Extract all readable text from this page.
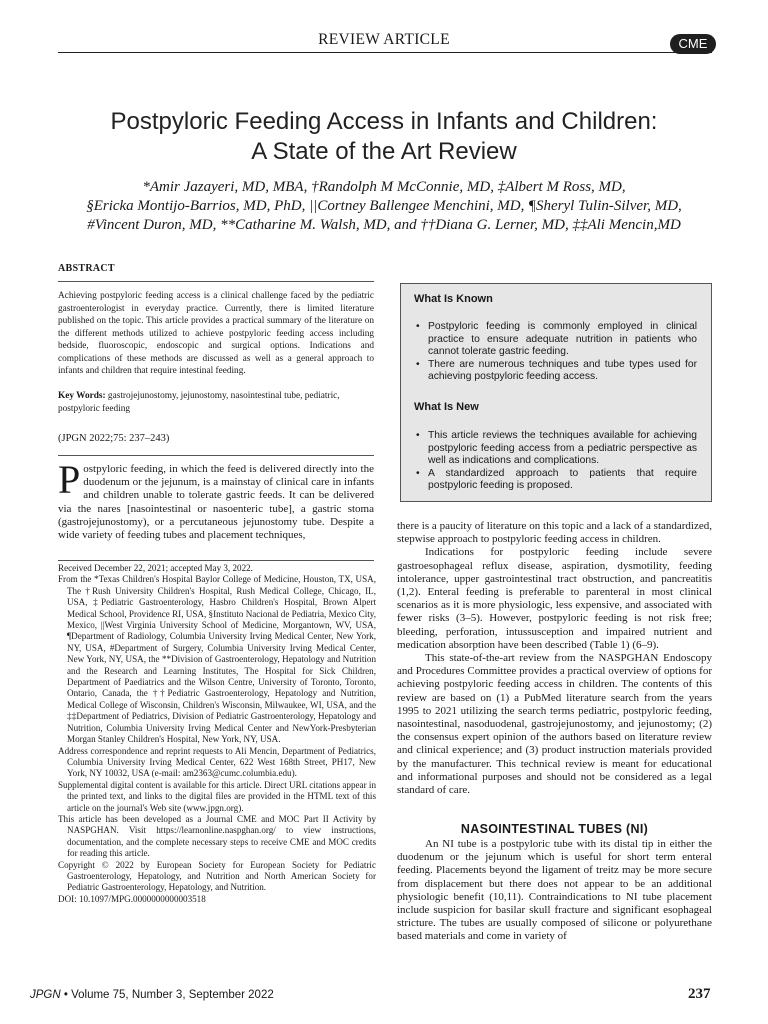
REVIEW ARTICLE	CME
Postpyloric Feeding Access in Infants and Children:
A State of the Art Review
*Amir Jazayeri, MD, MBA, †Randolph M McConnie, MD, ‡Albert M Ross, MD,
§Ericka Montijo-Barrios, MD, PhD, ||Cortney Ballengee Menchini, MD, ¶Sheryl Tulin-Silver, MD,
#Vincent Duron, MD, **Catharine M. Walsh, MD, and ††Diana G. Lerner, MD, ‡‡Ali Mencin,MD
ABSTRACT
Achieving postpyloric feeding access is a clinical challenge faced by the pediatric gastroenterologist in everyday practice. Currently, there is limited literature published on the topic. This article provides a practical summary of the literature on the different methods utilized to achieve postpyloric feeding access including bedside, fluoroscopic, endoscopic and surgical options. Indications and complications of these methods are discussed as well as a general approach to infants and children that require intestinal feeding.
Key Words: gastrojejunostomy, jejunostomy, nasointestinal tube, pediatric, postpyloric feeding
(JPGN 2022;75: 237–243)
Postpyloric feeding, in which the feed is delivered directly into the duodenum or the jejunum, is a mainstay of clinical care in infants and children unable to tolerate gastric feeds. It can be delivered via the nares [nasointestinal or nasoenteric tube], a gastric stoma (gastrojejunostomy), or a percutaneous jejunostomy tube. Despite a wide variety of feeding tubes and placement techniques,

Received December 22, 2021; accepted May 3, 2022.

From the *Texas Children's Hospital Baylor College of Medicine, Houston, TX, USA, The †Rush University Children's Hospital, Rush Medical College, Chicago, IL, USA, ‡Pediatric Gastroenterology, Hasbro Children's Hospital, Brown Alpert Medical School, Providence RI, USA, §Instituto Nacional de Pediatria, Mexico City, Mexico, ||West Virginia University School of Medicine, Morgantown, WV, USA, ¶Department of Radiology, Columbia University Irving Medical Center, New York, NY, USA, #Department of Surgery, Columbia University Irving Medical Center, New York, NY, USA, the **Division of Gastroenterology, Hepatology and Nutrition and the Research and Learning Institutes, The Hospital for Sick Children, Department of Paediatrics and the Wilson Centre, University of Toronto, Toronto, Ontario, Canada, the ††Pediatric Gastroenterology, Hepatology and Nutrition, Medical College of Wisconsin, Children's Wisconsin, Milwaukee, WI, USA, and the ‡‡Department of Pediatrics, Division of Pediatric Gastroenterology, Hepatology and Nutrition, Columbia University Irving Medical Center and NewYork-Presbyterian Morgan Stanley Children's Hospital, New York, NY, USA.

Address correspondence and reprint requests to Ali Mencin, Department of Pediatrics, Columbia University Irving Medical Center, 622 West 168th Street, PH17, New York, NY 10032, USA (e-mail: am2363@cumc.columbia.edu).

Supplemental digital content is available for this article. Direct URL citations appear in the printed text, and links to the digital files are provided in the HTML text of this article on the journal's Web site (www.jpgn.org).

This article has been developed as a Journal CME and MOC Part II Activity by NASPGHAN. Visit https://learnonline.naspghan.org/ to view instructions, documentation, and the complete necessary steps to receive CME and MOC credits for reading this article.

Copyright © 2022 by European Society for European Society for Pediatric Gastroenterology, Hepatology, and Nutrition and North American Society for Pediatric Gastroenterology, Hepatology, and Nutrition.

DOI: 10.1097/MPG.0000000000003518

What Is Known
• Postpyloric feeding is commonly employed in clinical practice to ensure adequate nutrition in patients who cannot tolerate gastric feeding.
• There are numerous techniques and tube types used for achieving postpyloric feeding access.
What Is New
• This article reviews the techniques available for achieving postpyloric feeding access from a pediatric perspective as well as indications and complications.
• A standardized approach to patients that require postpyloric feeding is proposed.

there is a paucity of literature on this topic and a lack of a standardized, stepwise approach to postpyloric feeding access in children.

Indications for postpyloric feeding include severe gastroesophageal reflux disease, aspiration, dysmotility, feeding intolerance, upper gastrointestinal tract obstruction, and pancreatitis (1,2). Enteral feeding is preferable to parenteral in most clinical scenarios as it is more physiologic, less expensive, and associated with fewer risks (3–5). However, postpyloric feeding is not risk free; bleeding, perforation, intussusception and impaired nutrient and medication absorption have been described (Table 1) (6–9).

This state-of-the-art review from the NASPGHAN Endoscopy and Procedures Committee provides a practical overview of options for achieving postpyloric feeding access in children. The contents of this review are based on (1) a PubMed literature search from the years 1995 to 2021 utilizing the search terms pediatric, postpyloric feeding, nasointestinal, nasoduodenal, gastrojejunostomy, and jejunostomy; (2) the consensus expert opinion of the authors based on literature review and clinical experience; and (3) product instruction materials provided by the manufacturer. This technical review is meant for educational and informational purposes and should not be considered as a legal standard of care.

NASOINTESTINAL TUBES (NI)

An NI tube is a postpyloric tube with its distal tip in either the duodenum or the jejunum which is useful for short term enteral feeding. Placements beyond the ligament of treitz may be more secure from displacement but there does not appear to be an additional physiologic benefit (10,11). Contraindications to NI tube placement include suspicion for basilar skull fracture and significant esophageal stricture. The tubes are usually composed of silicone or polyurethane based materials and come in variety of

JPGN • Volume 75, Number 3, September 2022	237
